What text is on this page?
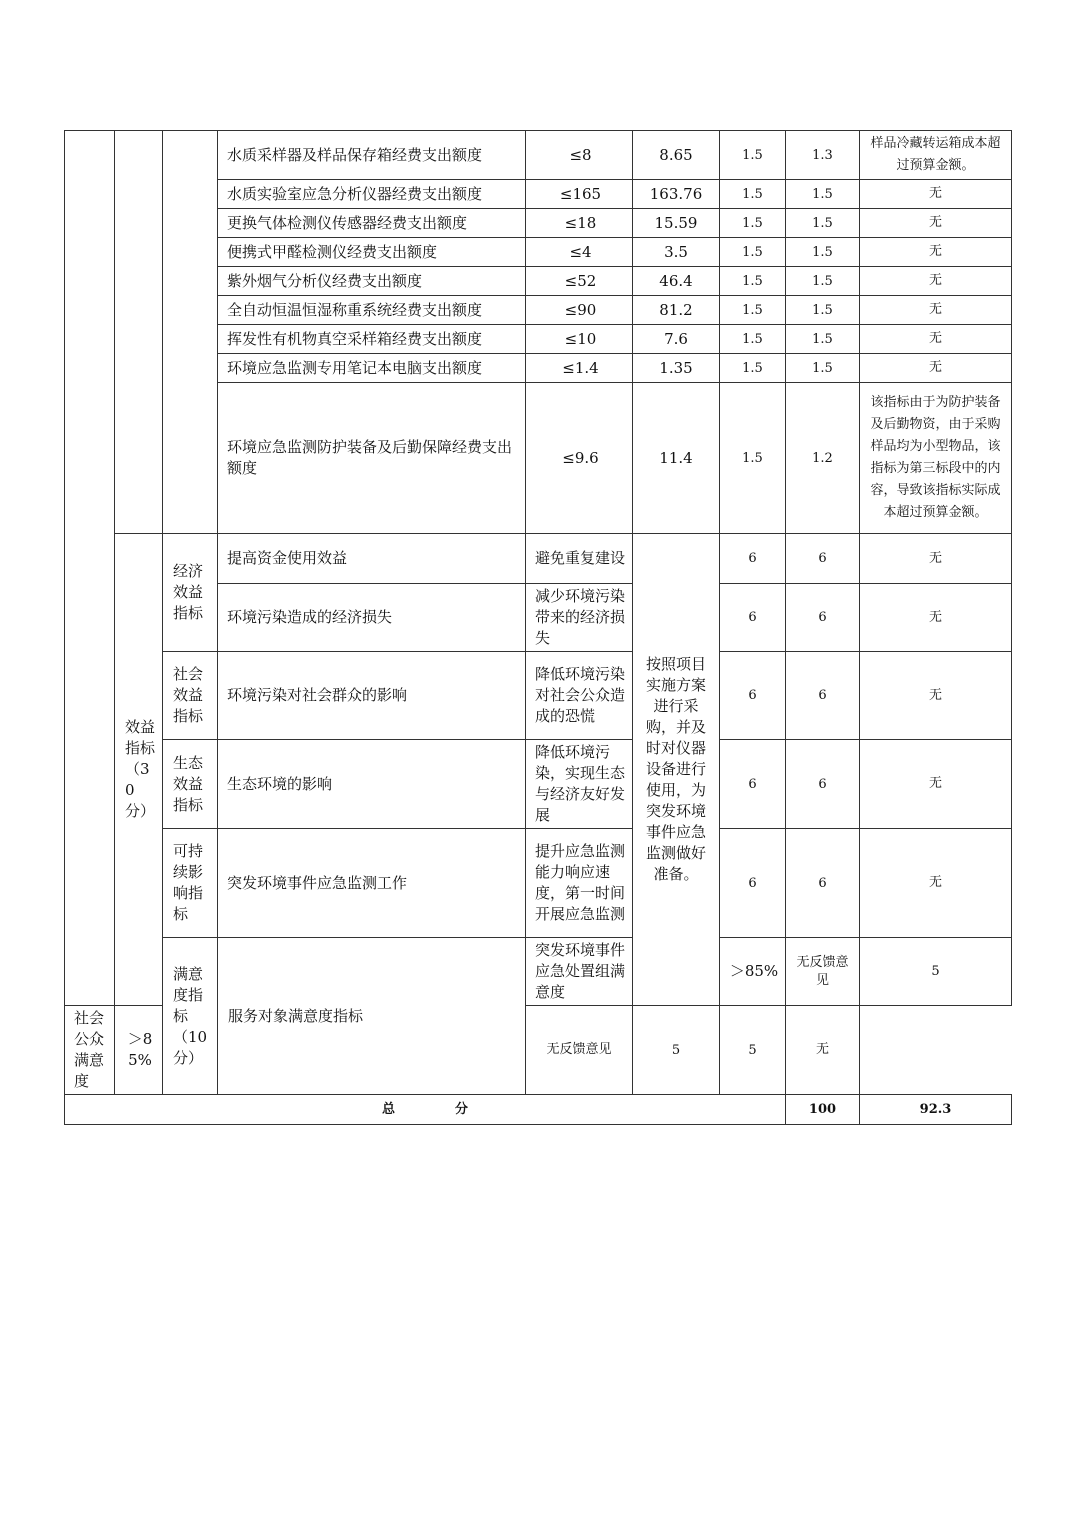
			水质采样器及样品保存箱经费支出额度	≤8	8.65	1.5	1.3	样品冷藏转运箱成本超过预算金额。	
			水质实验室应急分析仪器经费支出额度	≤165	163.76	1.5	1.5	无	
			更换气体检测仪传感器经费支出额度	≤18	15.59	1.5	1.5	无	
			便携式甲醛检测仪经费支出额度	≤4	3.5	1.5	1.5	无	
			紫外烟气分析仪经费支出额度	≤52	46.4	1.5	1.5	无	
			全自动恒温恒湿称重系统经费支出额度	≤90	81.2	1.5	1.5	无	
			挥发性有机物真空采样箱经费支出额度	≤10	7.6	1.5	1.5	无	
			环境应急监测专用笔记本电脑支出额度	≤1.4	1.35	1.5	1.5	无	
			环境应急监测防护装备及后勤保障经费支出额度	≤9.6	11.4	1.5	1.2	该指标由于为防护装备及后勤物资，由于采购样品均为小型物品，该指标为第三标段中的内容，导致该指标实际成本超过预算金额。	
	效益指标（30分）	经济效益指标	提高资金使用效益	避免重复建设	按照项目实施方案进行采购，并及时对仪器设备进行使用，为突发环境事件应急监测做好准备。	6	6	无	
			环境污染造成的经济损失	减少环境污染带来的经济损失		6	6	无	
		社会效益指标	环境污染对社会群众的影响	降低环境污染对社会公众造成的恐慌		6	6	无	
		生态效益指标	生态环境的影响	降低环境污染，实现生态与经济友好发展		6	6	无	
		可持续影响指标	突发环境事件应急监测工作	提升应急监测能力响应速度，第一时间开展应急监测		6	6	无	
		满意度指标（10分）	服务对象满意度指标	突发环境事件应急处置组满意度		＞85%	无反馈意见	5		
社会公众满意度	＞85%			无反馈意见	5	5	无		
总 分							100	92.3	
